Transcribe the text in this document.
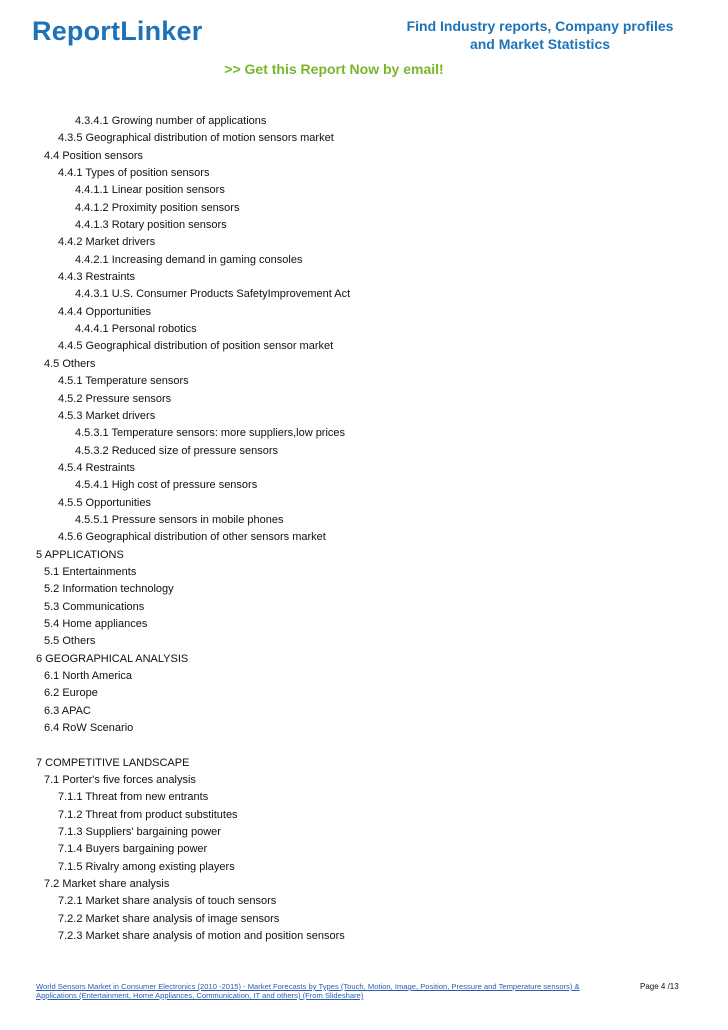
ReportLinker	Find Industry reports, Company profiles
and Market Statistics
>> Get this Report Now by email!
4.3.4.1 Growing number of applications
4.3.5 Geographical distribution of motion sensors market
4.4 Position sensors
4.4.1 Types of position sensors
4.4.1.1 Linear position sensors
4.4.1.2 Proximity position sensors
4.4.1.3 Rotary position sensors
4.4.2 Market drivers
4.4.2.1 Increasing demand in gaming consoles
4.4.3 Restraints
4.4.3.1 U.S. Consumer Products SafetyImprovement Act
4.4.4 Opportunities
4.4.4.1 Personal robotics
4.4.5 Geographical distribution of position sensor market
4.5 Others
4.5.1 Temperature sensors
4.5.2 Pressure sensors
4.5.3 Market drivers
4.5.3.1 Temperature sensors: more suppliers,low prices
4.5.3.2 Reduced size of pressure sensors
4.5.4 Restraints
4.5.4.1 High cost of pressure sensors
4.5.5 Opportunities
4.5.5.1 Pressure sensors in mobile phones
4.5.6 Geographical distribution of other sensors market
5 APPLICATIONS
5.1 Entertainments
5.2 Information technology
5.3 Communications
5.4 Home appliances
5.5 Others
6 GEOGRAPHICAL ANALYSIS
6.1 North America
6.2 Europe
6.3 APAC
6.4 RoW Scenario
7 COMPETITIVE LANDSCAPE
7.1 Porter's five forces analysis
7.1.1 Threat from new entrants
7.1.2 Threat from product substitutes
7.1.3 Suppliers' bargaining power
7.1.4 Buyers bargaining power
7.1.5 Rivalry among existing players
7.2 Market share analysis
7.2.1 Market share analysis of touch sensors
7.2.2 Market share analysis of image sensors
7.2.3 Market share analysis of motion and position sensors
World Sensors Market in Consumer Electronics (2010 -2015) - Market Forecasts by Types (Touch, Motion, Image, Position, Pressure and Temperature sensors) & Applications (Entertainment, Home Appliances, Communication, IT and others) (From Slideshare)
Page 4 /13
